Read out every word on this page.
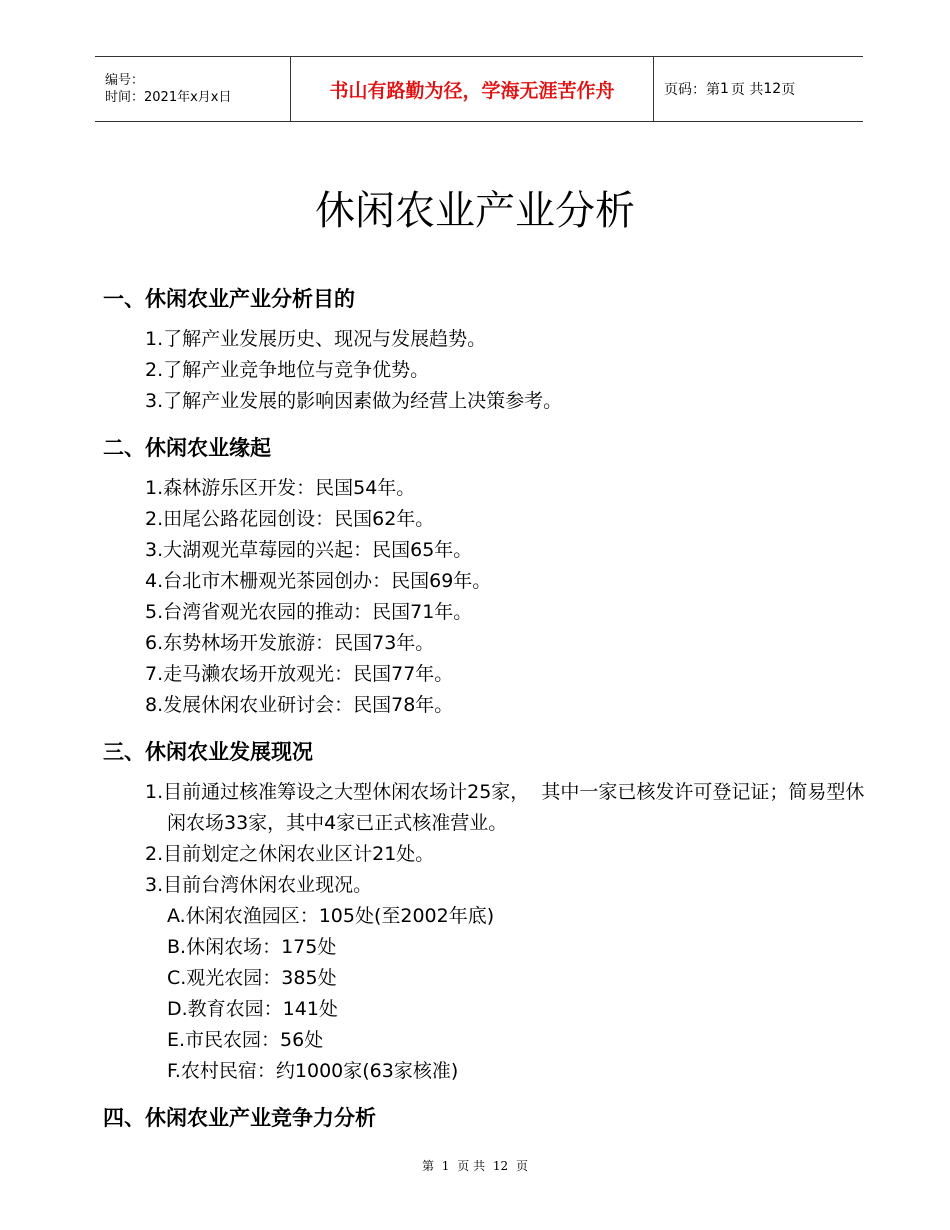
编号：
时间：2021年x月x日	书山有路勤为径，学海无涯苦作舟	页码：第 1 页 共 12 页
休闲农业产业分析
一、休闲农业产业分析目的
1.了解产业发展历史、现况与发展趋势。
2.了解产业竞争地位与竞争优势。
3.了解产业发展的影响因素做为经营上决策参考。
二、休闲农业缘起
1.森林游乐区开发：民国54年。
2.田尾公路花园创设：民国62年。
3.大湖观光草莓园的兴起：民国65年。
4.台北市木栅观光茶园创办：民国69年。
5.台湾省观光农园的推动：民国71年。
6.东势林场开发旅游：民国73年。
7.走马濑农场开放观光：民国77年。
8.发展休闲农业研讨会：民国78年。
三、休闲农业发展现况
1.目前通过核准筹设之大型休闲农场计25家，  其中一家已核发许可登记证；简易型休闲农场33家，其中4家已正式核准营业。
2.目前划定之休闲农业区计21处。
3.目前台湾休闲农业现况。
A.休闲农渔园区：105处(至2002年底)
B.休闲农场：175处
C.观光农园：385处
D.教育农园：141处
E.市民农园：56处
F.农村民宿：约1000家(63家核准)
四、休闲农业产业竞争力分析
第 1 页 共 12 页
